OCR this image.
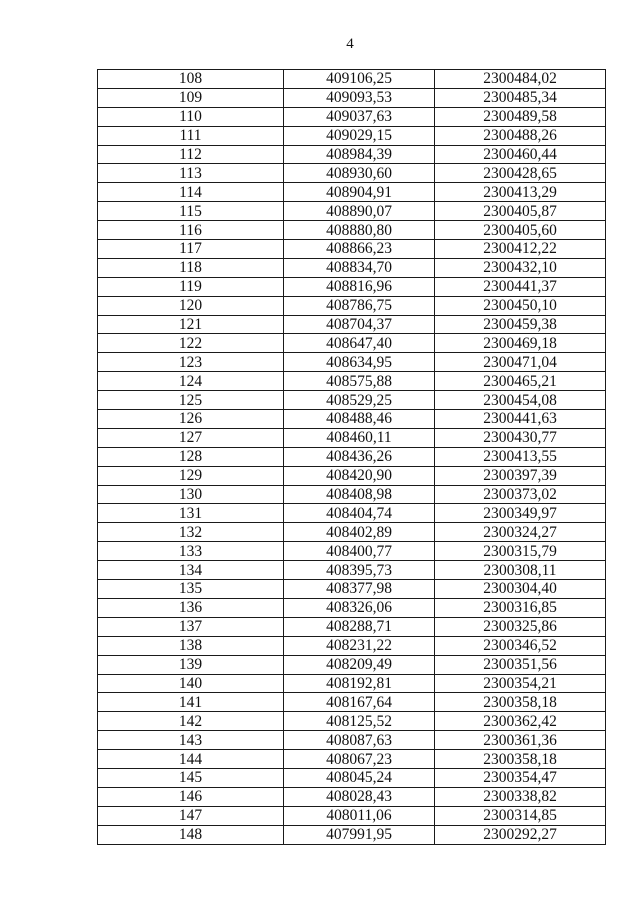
4
108	409106,25	2300484,02
109	409093,53	2300485,34
110	409037,63	2300489,58
111	409029,15	2300488,26
112	408984,39	2300460,44
113	408930,60	2300428,65
114	408904,91	2300413,29
115	408890,07	2300405,87
116	408880,80	2300405,60
117	408866,23	2300412,22
118	408834,70	2300432,10
119	408816,96	2300441,37
120	408786,75	2300450,10
121	408704,37	2300459,38
122	408647,40	2300469,18
123	408634,95	2300471,04
124	408575,88	2300465,21
125	408529,25	2300454,08
126	408488,46	2300441,63
127	408460,11	2300430,77
128	408436,26	2300413,55
129	408420,90	2300397,39
130	408408,98	2300373,02
131	408404,74	2300349,97
132	408402,89	2300324,27
133	408400,77	2300315,79
134	408395,73	2300308,11
135	408377,98	2300304,40
136	408326,06	2300316,85
137	408288,71	2300325,86
138	408231,22	2300346,52
139	408209,49	2300351,56
140	408192,81	2300354,21
141	408167,64	2300358,18
142	408125,52	2300362,42
143	408087,63	2300361,36
144	408067,23	2300358,18
145	408045,24	2300354,47
146	408028,43	2300338,82
147	408011,06	2300314,85
148	407991,95	2300292,27
